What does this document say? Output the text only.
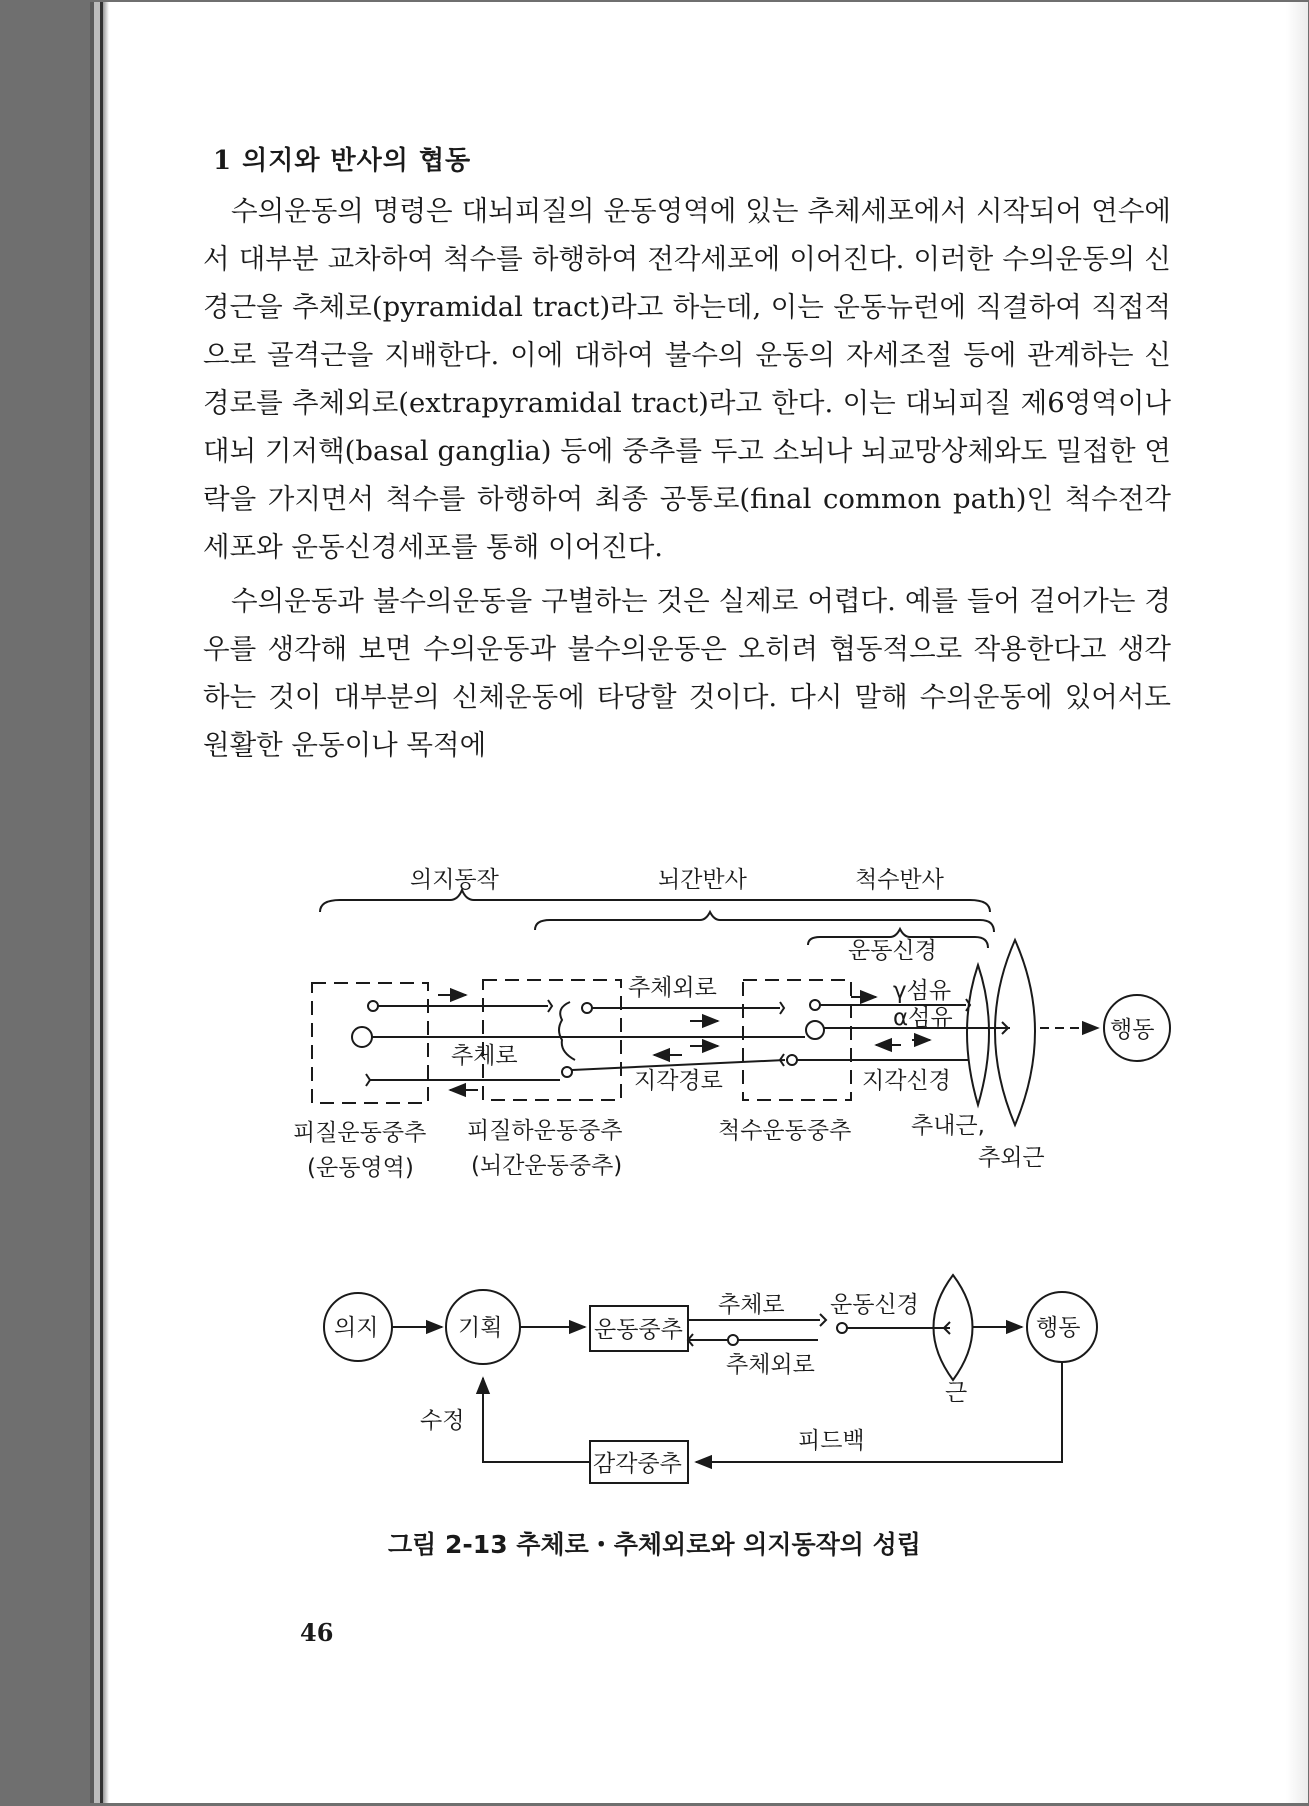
1 의지와 반사의 협동

수의운동의 명령은 대뇌피질의 운동영역에 있는 추체세포에서 시작되어 연수에서 대부분 교차하여 척수를 하행하여 전각세포에 이어진다. 이러한 수의운동의 신경근을 추체로(pyramidal tract)라고 하는데, 이는 운동뉴런에 직결하여 직접적으로 골격근을 지배한다. 이에 대하여 불수의 운동의 자세조절 등에 관계하는 신경로를 추체외로(extrapyramidal tract)라고 한다. 이는 대뇌피질 제6영역이나 대뇌 기저핵(basal ganglia) 등에 중추를 두고 소뇌나 뇌교망상체와도 밀접한 연락을 가지면서 척수를 하행하여 최종 공통로(final common path)인 척수전각세포와 운동신경세포를 통해 이어진다.

수의운동과 불수의운동을 구별하는 것은 실제로 어렵다. 예를 들어 걸어가는 경우를 생각해 보면 수의운동과 불수의운동은 오히려 협동적으로 작용한다고 생각하는 것이 대부분의 신체운동에 타당할 것이다. 다시 말해 수의운동에 있어서도 원활한 운동이나 목적에

의지동작	뇌간반사	척수반사
운동신경
추체외로	γ섬유
α섬유
추체로
지각경로	지각신경
행동
피질운동중추
(운동영역)
피질하운동중추
(뇌간운동중추)
척수운동중추	추내근,
추외근
의지	기획	운동중추
추체로 운동신경
추체외로
근
행동
수정
피드백
감각중추
그림 2-13 추체로・추체외로와 의지동작의 성립
46
